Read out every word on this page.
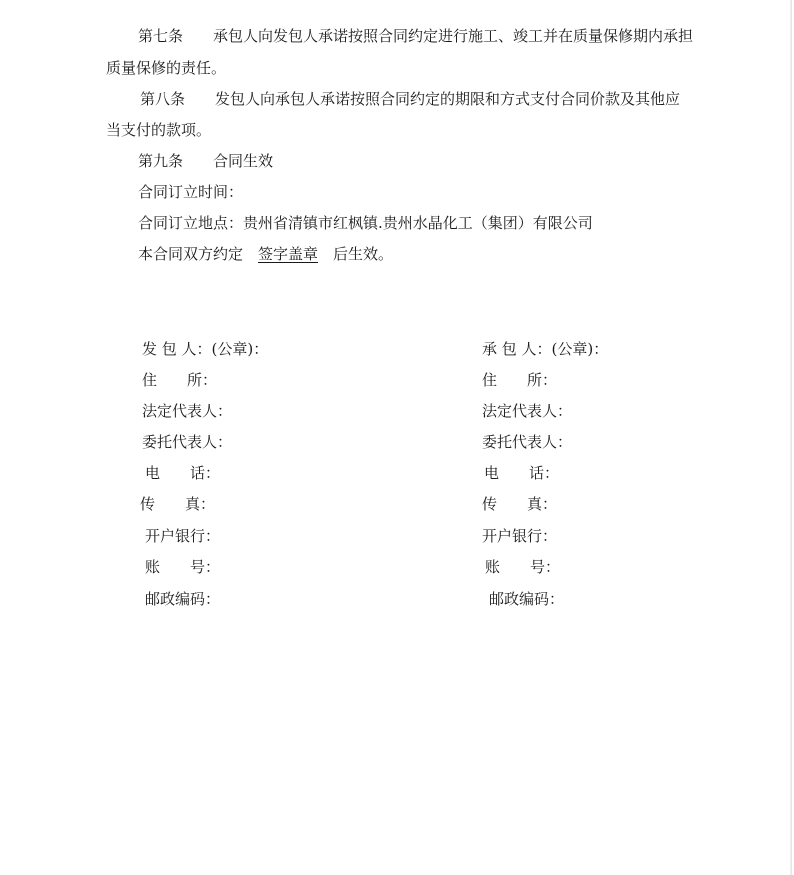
第七条 承包人向发包人承诺按照合同约定进行施工、竣工并在质量保修期内承担
质量保修的责任。
第八条 发包人向承包人承诺按照合同约定的期限和方式支付合同价款及其他应
当支付的款项。
第九条 合同生效
合同订立时间：
合同订立地点：贵州省清镇市红枫镇.贵州水晶化工（集团）有限公司
本合同双方约定 签字盖章 后生效。
发 包 人：(公章)：
住　　所：
法定代表人：
委托代表人：
电　　话：
传　　真：
开户银行：
账　　号：
邮政编码：
承 包 人：(公章)：
住　　所：
法定代表人：
委托代表人：
电　　话：
传　　真：
开户银行：
账　　号：
邮政编码：
